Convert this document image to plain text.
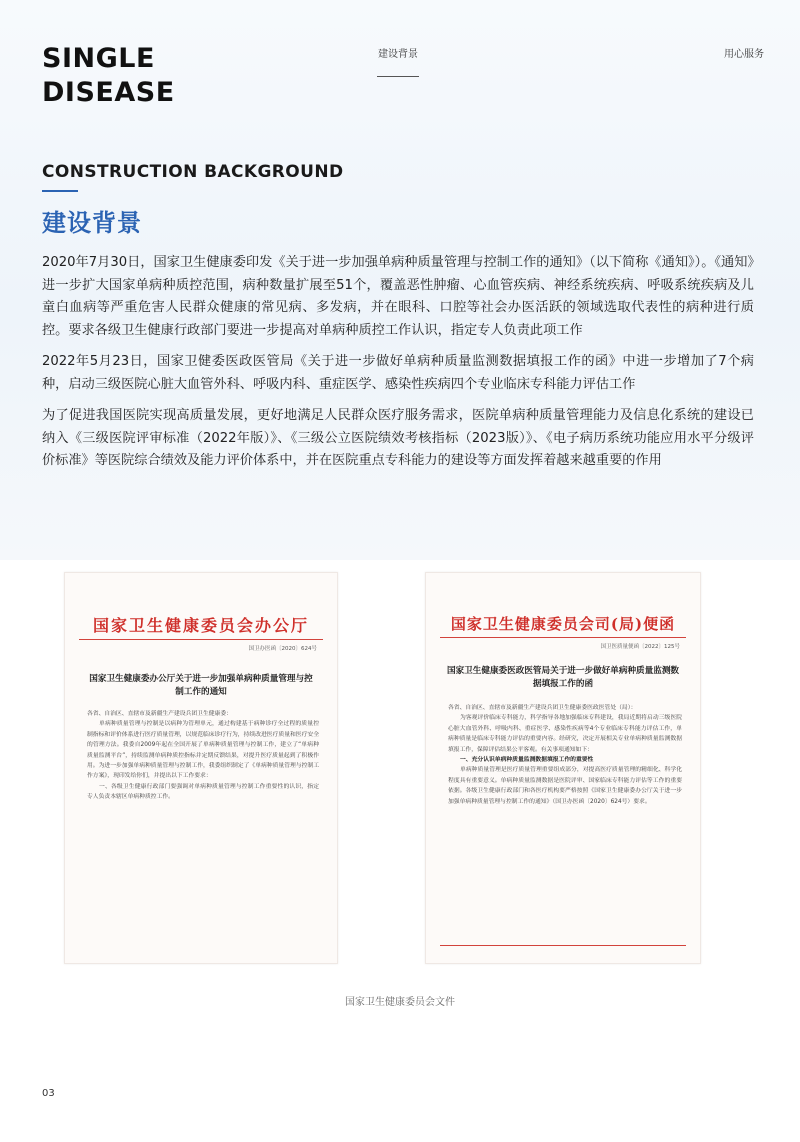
SINGLE
DISEASE
建设背景	用心服务
CONSTRUCTION BACKGROUND
建设背景

2020年7月30日，国家卫生健康委印发《关于进一步加强单病种质量管理与控制工作的通知》（以下简称《通知》）。《通知》进一步扩大国家单病种质控范围，病种数量扩展至51个，覆盖恶性肿瘤、心血管疾病、神经系统疾病、呼吸系统疾病及儿童白血病等严重危害人民群众健康的常见病、多发病，并在眼科、口腔等社会办医活跃的领域选取代表性的病种进行质控。要求各级卫生健康行政部门要进一步提高对单病种质控工作认识，指定专人负责此项工作

2022年5月23日，国家卫健委医政医管局《关于进一步做好单病种质量监测数据填报工作的函》中进一步增加了7个病种，启动三级医院心脏大血管外科、呼吸内科、重症医学、感染性疾病四个专业临床专科能力评估工作

为了促进我国医院实现高质量发展，更好地满足人民群众医疗服务需求，医院单病种质量管理能力及信息化系统的建设已纳入《三级医院评审标准（2022年版）》、《三级公立医院绩效考核指标（2023版）》、《电子病历系统功能应用水平分级评价标准》等医院综合绩效及能力评价体系中，并在医院重点专科能力的建设等方面发挥着越来越重要的作用

国家卫生健康委员会办公厅
国卫办医函〔2020〕624号
国家卫生健康委办公厅关于进一步加强单病种质量管理与控制工作的通知

各省、自治区、直辖市及新疆生产建设兵团卫生健康委：

单病种质量管理与控制是以病种为管理单元，通过构建基于病种诊疗全过程的质量控制指标和评价体系进行医疗质量管理，以规范临床诊疗行为，持续改进医疗质量和医疗安全的管理方法。我委自2009年起在全国开展了单病种质量管理与控制工作，建立了“单病种质量监测平台”，持续监测单病种质控指标并定期反馈结果，对提升医疗质量起到了积极作用。为进一步加强单病种质量管理与控制工作，我委组织制定了《单病种质量管理与控制工作方案》，现印发给你们，并提出以下工作要求：

一、各级卫生健康行政部门要强调对单病种质量管理与控制工作重要性的认识，指定专人负责本辖区单病种质控工作。

国家卫生健康委员会司(局)便函
国卫医质量便函〔2022〕125号
国家卫生健康委医政医管局关于进一步做好单病种质量监测数据填报工作的函

各省、自治区、直辖市及新疆生产建设兵团卫生健康委医政医管处（局）：

为客观评价临床专科能力，科学指导各地加强临床专科建设，我局近期将启动三级医院心脏大血管外科、呼吸内科、重症医学、感染性疾病等4个专业临床专科能力评估工作，单病种质量是临床专科能力评估的重要内容。经研究，决定开展相关专业单病种质量监测数据填报工作，保障评估结果公平客观。有关事项通知如下：

一、充分认识单病种质量监测数据填报工作的重要性

单病种质量管理是医疗质量管理重要组成部分，对提高医疗质量管理的精细化、科学化程度具有重要意义。单病种质量监测数据是医院评审、国家临床专科能力评估等工作的重要依据。各级卫生健康行政部门和各医疗机构要严格按照《国家卫生健康委办公厅关于进一步加强单病种质量管理与控制工作的通知》（国卫办医函〔2020〕624号）要求。

国家卫生健康委员会文件
03
